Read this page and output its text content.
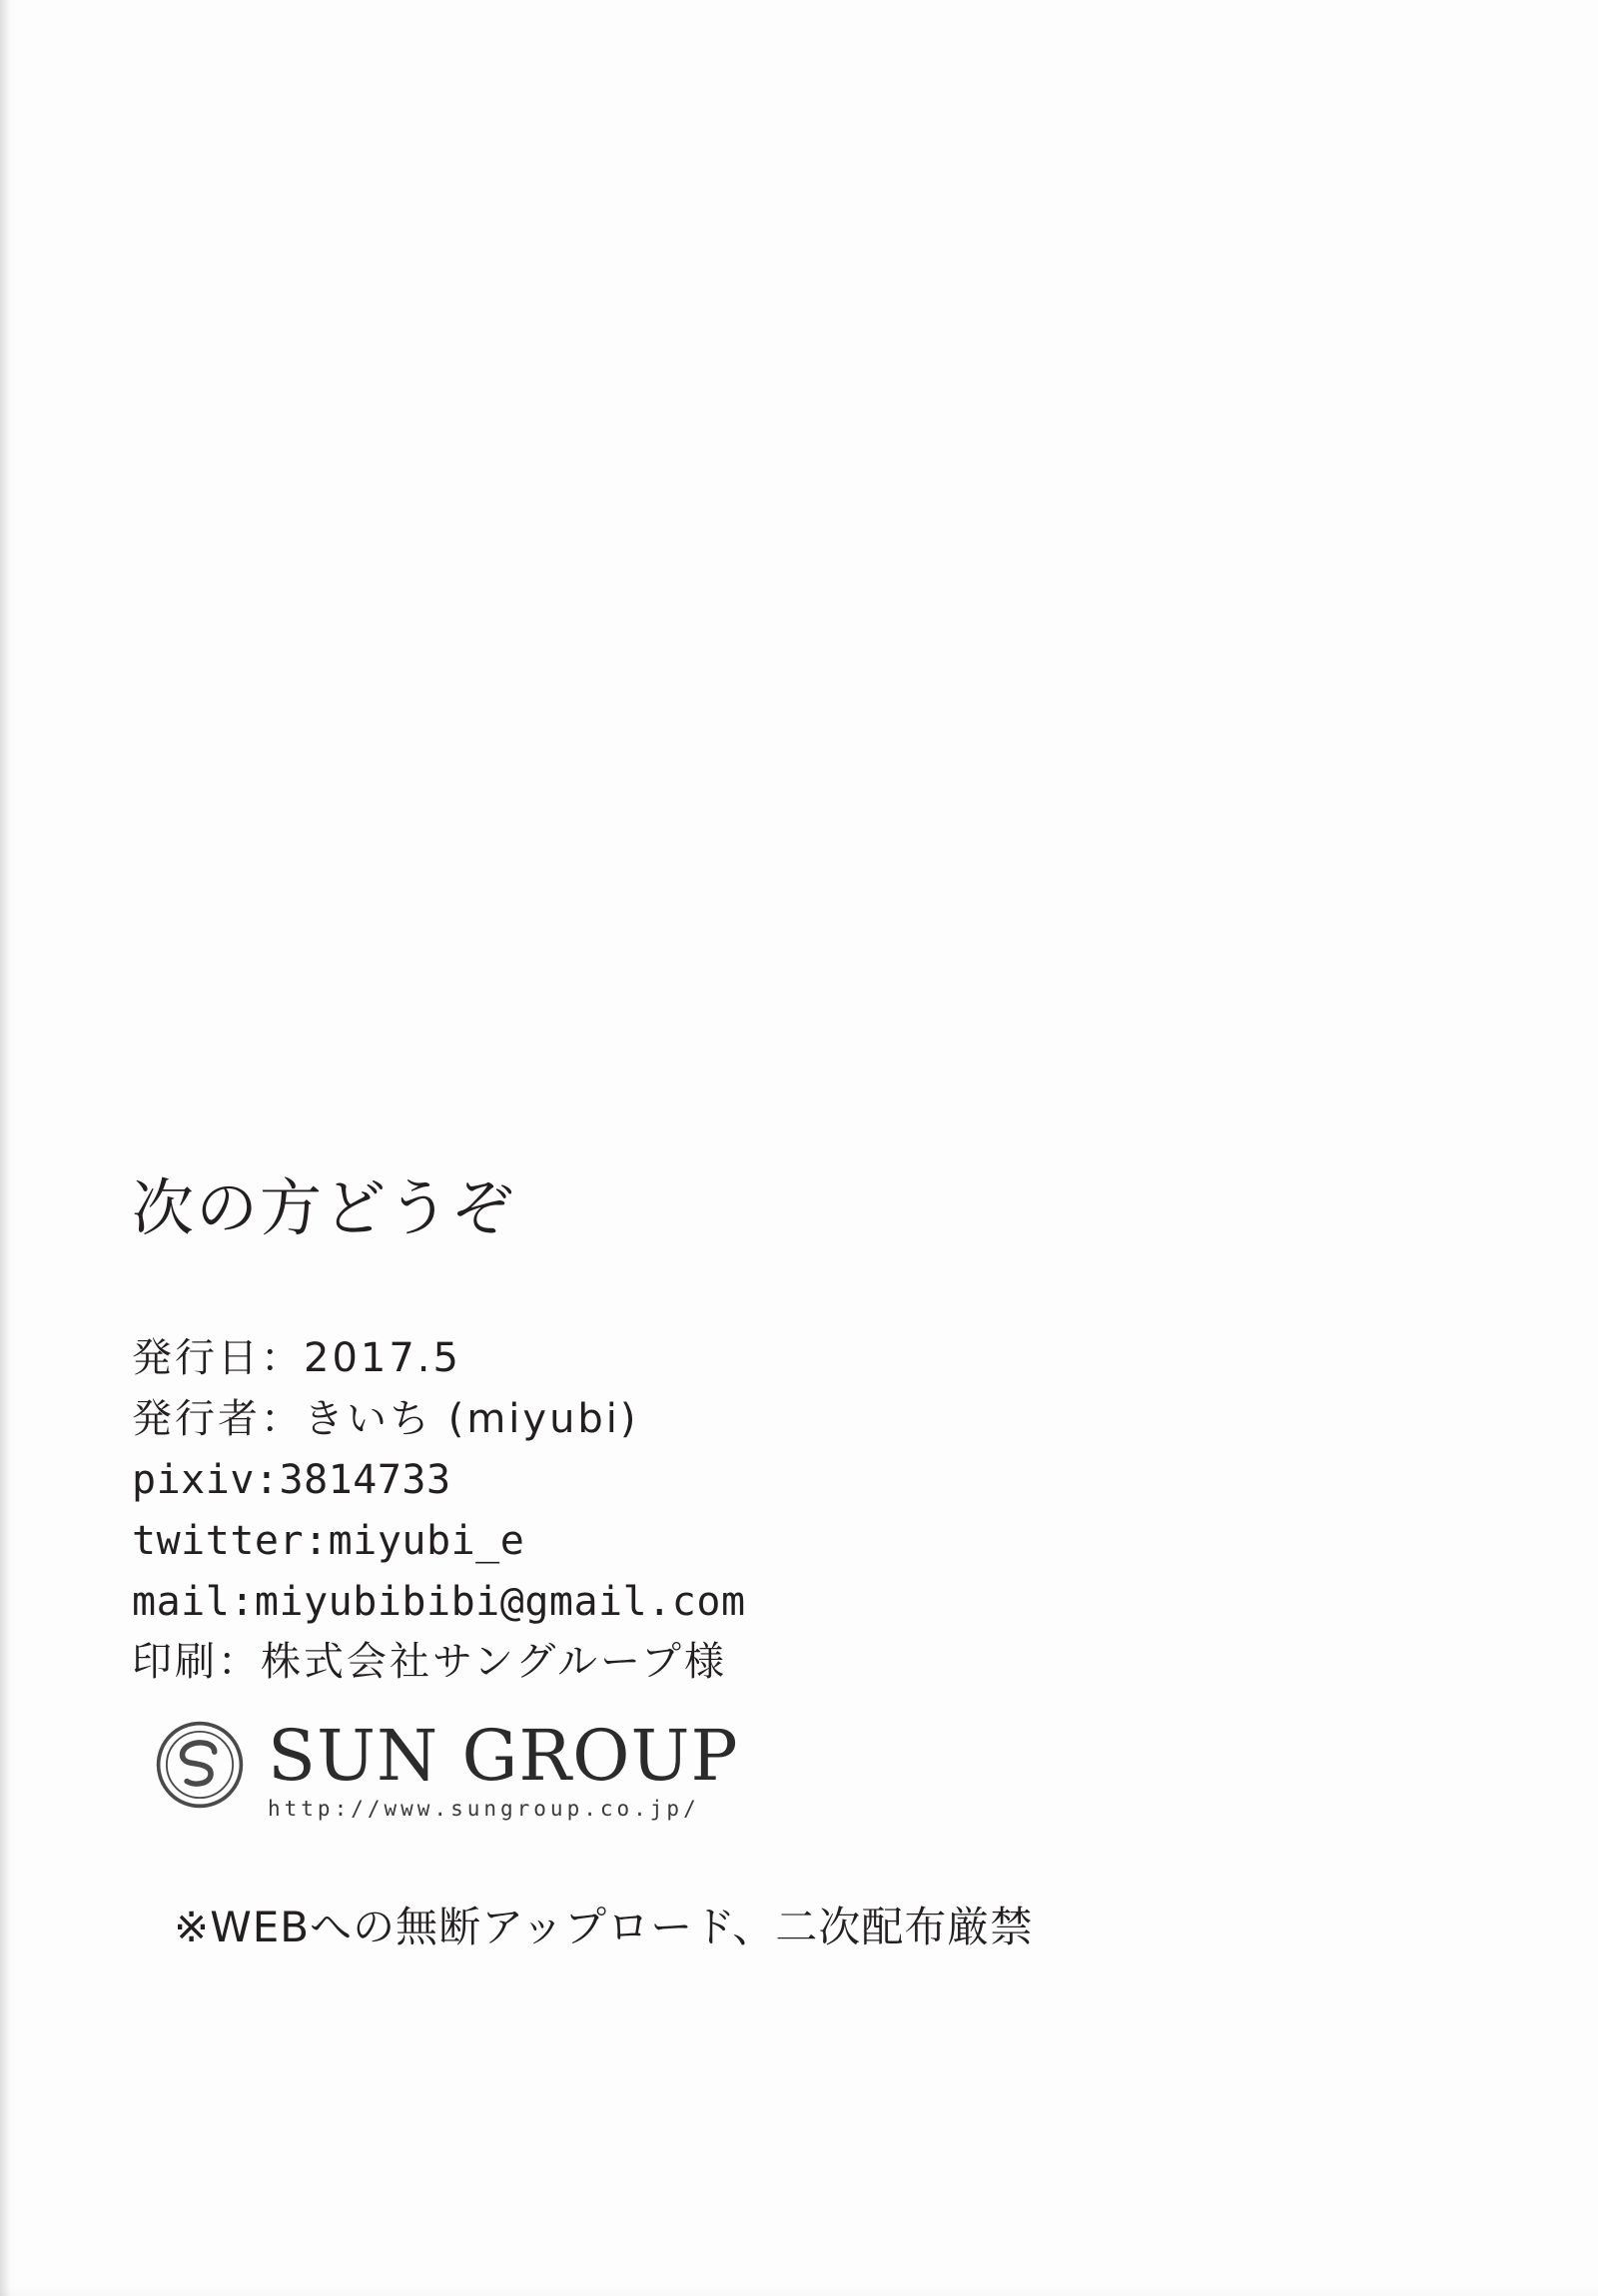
次の方どうぞ
発行日：2017.5
発行者：きいち (miyubi)
pixiv:3814733
twitter:miyubi_e
mail:miyubibibi@gmail.com
印刷：株式会社サングループ様
SUN GROUP
http://www.sungroup.co.jp/
※WEBへの無断アップロード、二次配布厳禁
